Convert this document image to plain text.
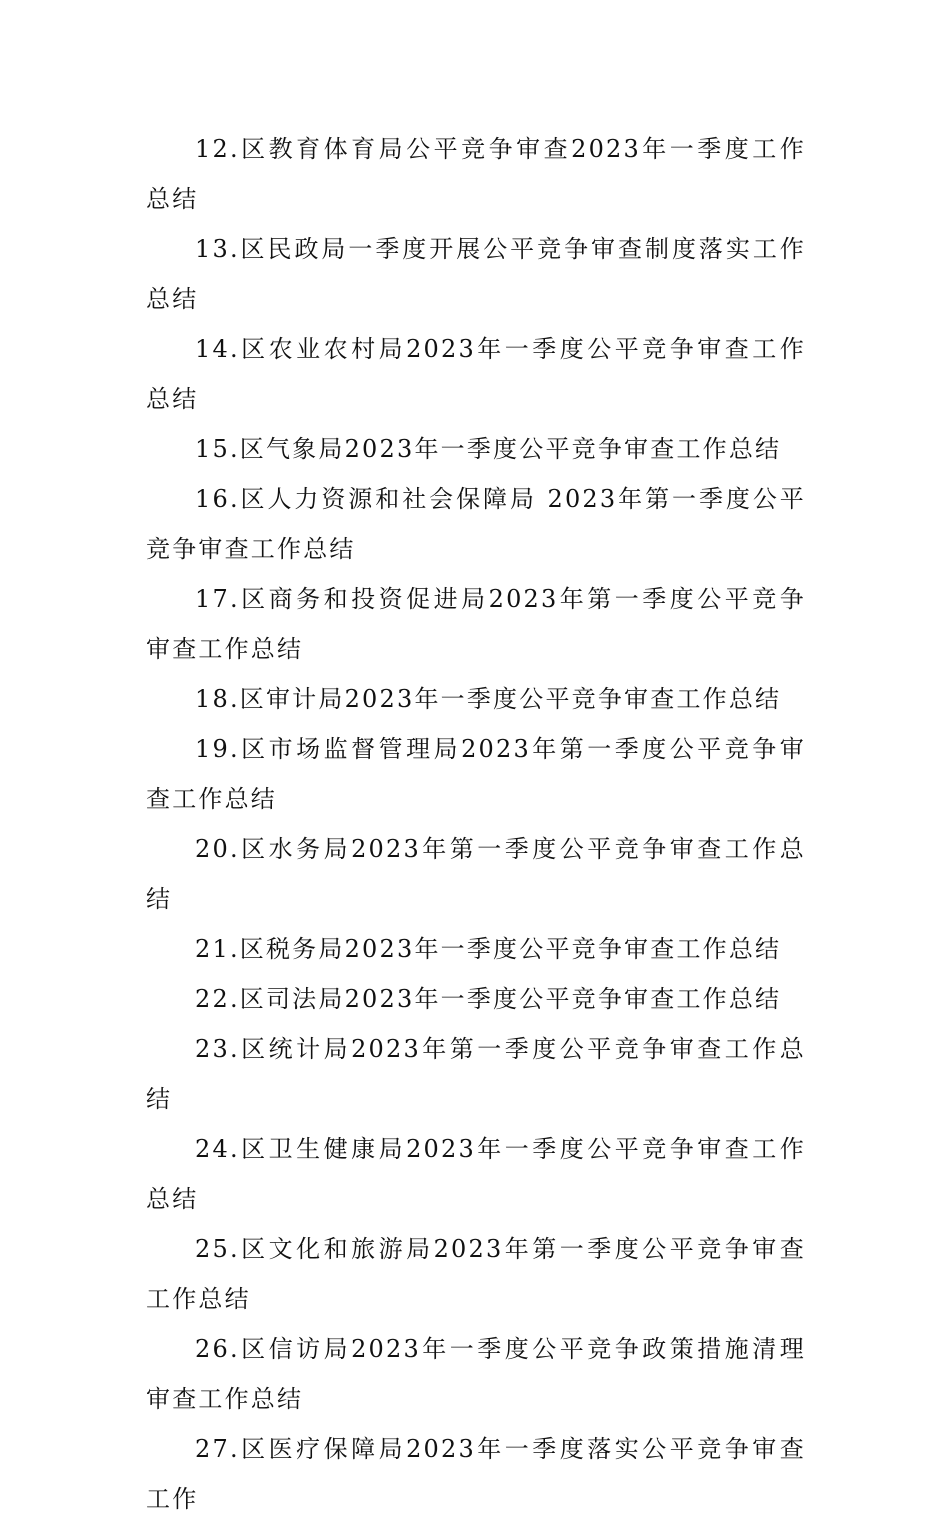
12.区教育体育局公平竞争审查2023年一季度工作总结

13.区民政局一季度开展公平竞争审查制度落实工作总结

14.区农业农村局2023年一季度公平竞争审查工作总结

15.区气象局2023年一季度公平竞争审查工作总结

16.区人力资源和社会保障局 2023年第一季度公平竞争审查工作总结

17.区商务和投资促进局2023年第一季度公平竞争审查工作总结

18.区审计局2023年一季度公平竞争审查工作总结

19.区市场监督管理局2023年第一季度公平竞争审查工作总结

20.区水务局2023年第一季度公平竞争审查工作总结

21.区税务局2023年一季度公平竞争审查工作总结

22.区司法局2023年一季度公平竞争审查工作总结

23.区统计局2023年第一季度公平竞争审查工作总结

24.区卫生健康局2023年一季度公平竞争审查工作总结

25.区文化和旅游局2023年第一季度公平竞争审查工作总结

26.区信访局2023年一季度公平竞争政策措施清理审查工作总结

27.区医疗保障局2023年一季度落实公平竞争审查工作
